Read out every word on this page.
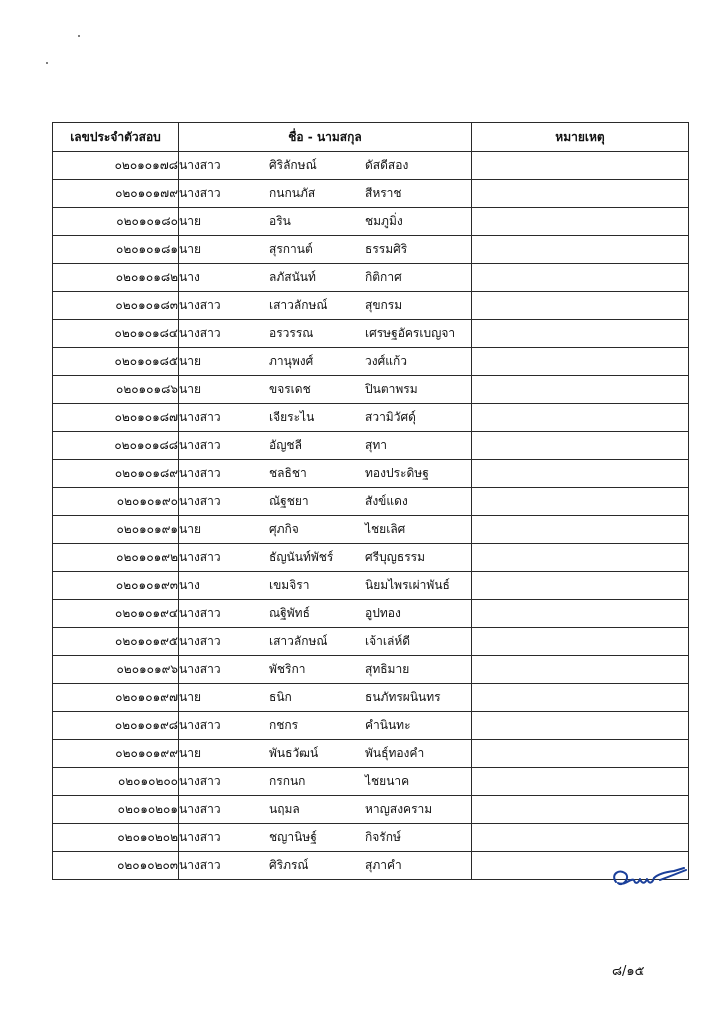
เลขประจำตัวสอบ	ชื่อ - นามสกุล	หมายเหตุ
๐๒๐๑๐๑๗๘	นางสาว ศิริลักษณ์ ดัสดีสอง	

๐๒๐๑๐๑๗๙	นางสาว กนกนภัส สีหราช	

๐๒๐๑๐๑๘๐	นาย อริน ชมภูมิ่ง	

๐๒๐๑๐๑๘๑	นาย สุรกานต์ ธรรมศิริ	

๐๒๐๑๐๑๘๒	นาง ลภัสนันท์ กิติกาศ	

๐๒๐๑๐๑๘๓	นางสาว เสาวลักษณ์ สุขกรม	

๐๒๐๑๐๑๘๔	นางสาว อรวรรณ เศรษฐอัครเบญจา	

๐๒๐๑๐๑๘๕	นาย ภานุพงศ์ วงศ์แก้ว	

๐๒๐๑๐๑๘๖	นาย ขจรเดช ปินตาพรม	

๐๒๐๑๐๑๘๗	นางสาว เจียระไน สวามิวัศดุ์	

๐๒๐๑๐๑๘๘	นางสาว อัญชลี สุทา	

๐๒๐๑๐๑๘๙	นางสาว ชลธิชา ทองประดิษฐ	

๐๒๐๑๐๑๙๐	นางสาว ณัฐชยา สังข์แดง	

๐๒๐๑๐๑๙๑	นาย ศุภกิจ ไชยเลิศ	

๐๒๐๑๐๑๙๒	นางสาว ธัญนันท์พัชร์ ศรีบุญธรรม	

๐๒๐๑๐๑๙๓	นาง เขมจิรา นิยมไพรเผ่าพันธ์	

๐๒๐๑๐๑๙๔	นางสาว ณฐิพัทธ์ อูปทอง	

๐๒๐๑๐๑๙๕	นางสาว เสาวลักษณ์ เจ้าเล่ห์ดี	

๐๒๐๑๐๑๙๖	นางสาว พัชริกา สุทธิมาย	

๐๒๐๑๐๑๙๗	นาย ธนิก ธนภัทรผนินทร	

๐๒๐๑๐๑๙๘	นางสาว กชกร คำนินทะ	

๐๒๐๑๐๑๙๙	นาย พันธวัฒน์ พันธุ์ทองคำ	

๐๒๐๑๐๒๐๐	นางสาว กรกนก ไชยนาค	

๐๒๐๑๐๒๐๑	นางสาว นฤมล หาญสงคราม	

๐๒๐๑๐๒๐๒	นางสาว ชญานิษฐ์ กิจรักษ์	

๐๒๐๑๐๒๐๓	นางสาว ศิริภรณ์ สุภาคำ	

๘/๑๕
